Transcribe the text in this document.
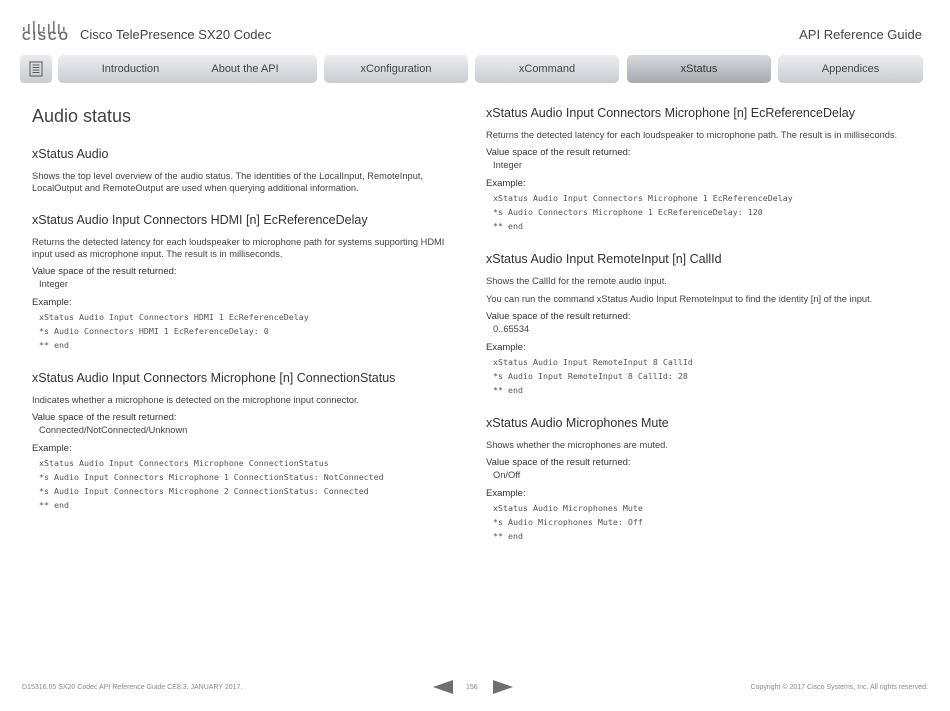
CISCO Cisco TelePresence SX20 Codec	API Reference Guide
Introduction	About the API	xConfiguration	xCommand	xStatus	Appendices
Audio status
xStatus Audio

Shows the top level overview of the audio status. The identities of the LocalInput, RemoteInput, LocalOutput and RemoteOutput are used when querying additional information.

xStatus Audio Input Connectors HDMI [n] EcReferenceDelay

Returns the detected latency for each loudspeaker to microphone path for systems supporting HDMI input used as microphone input. The result is in milliseconds.

Value space of the result returned:
Integer
Example:
xStatus Audio Input Connectors HDMI 1 EcReferenceDelay
*s Audio Connectors HDMI 1 EcReferenceDelay: 0
** end
xStatus Audio Input Connectors Microphone [n] ConnectionStatus

Indicates whether a microphone is detected on the microphone input connector.

Value space of the result returned:
Connected/NotConnected/Unknown
Example:
xStatus Audio Input Connectors Microphone ConnectionStatus
*s Audio Input Connectors Microphone 1 ConnectionStatus: NotConnected
*s Audio Input Connectors Microphone 2 ConnectionStatus: Connected
** end
xStatus Audio Input Connectors Microphone [n] EcReferenceDelay

Returns the detected latency for each loudspeaker to microphone path. The result is in milliseconds.

Value space of the result returned:
Integer
Example:
xStatus Audio Input Connectors Microphone 1 EcReferenceDelay
*s Audio Connectors Microphone 1 EcReferenceDelay: 120
** end
xStatus Audio Input RemoteInput [n] CallId

Shows the CallId for the remote audio input.

You can run the command xStatus Audio Input RemoteInput to find the identity [n] of the input.

Value space of the result returned:
0..65534
Example:
xStatus Audio Input RemoteInput 8 CallId
*s Audio Input RemoteInput 8 CallId: 28
** end
xStatus Audio Microphones Mute

Shows whether the microphones are muted.

Value space of the result returned:
On/Off
Example:
xStatus Audio Microphones Mute
*s Audio Microphones Mute: Off
** end
D15316.05 SX20 Codec API Reference Guide CE8.3, JANUARY 2017.	156	Copyright © 2017 Cisco Systems, Inc. All rights reserved.
